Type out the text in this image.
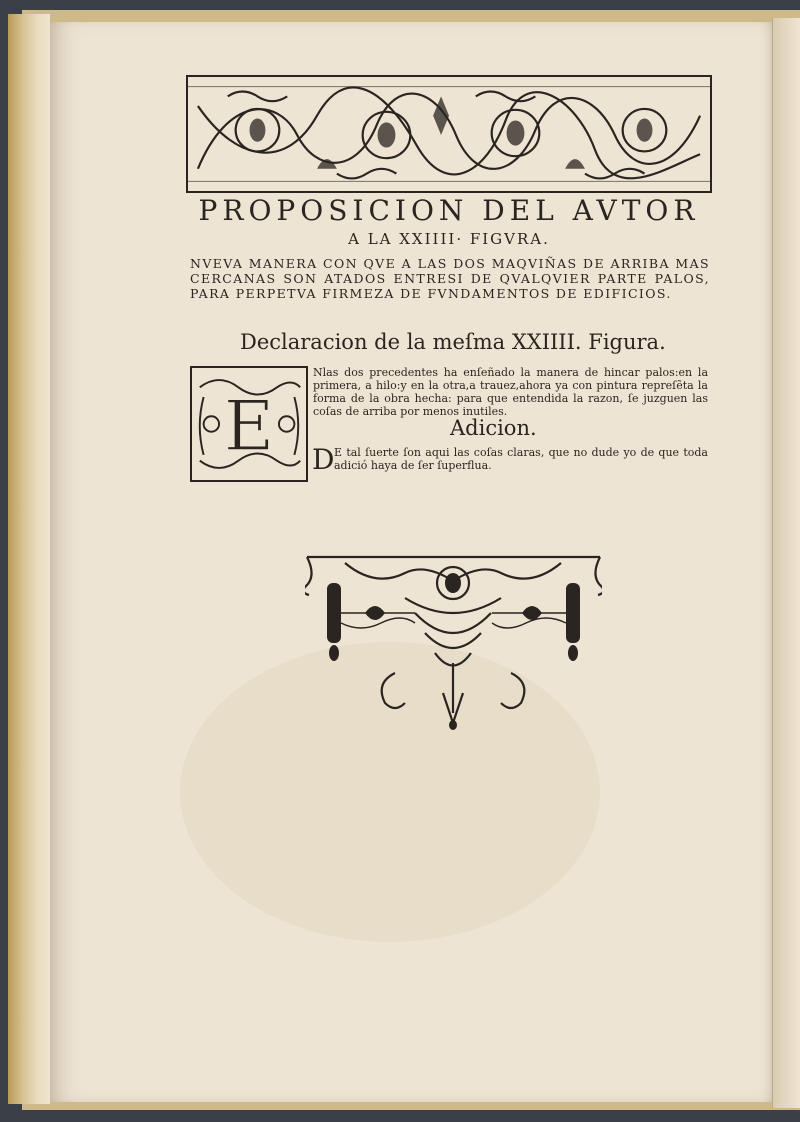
PROPOSICION DEL AVTOR
A LA XXIIII· FIGVRA.
NVEVA MANERA CON QVE A LAS DOS MAQVIÑAS DE ARRIBA MAS CERCANAS SON ATADOS ENTRESI DE QVALQVIER PARTE PALOS, PARA PERPETVA FIRMEZA DE FVNDAMENTOS DE EDIFICIOS.
Declaracion de la meſma XXIIII. Figura.
E
Nlas dos precedentes ha enſeñado la manera de hincar palos:en la primera, a hilo:y en la otra,a trauez,ahora ya con pintura repreſẽta la forma de la obra hecha: para que entendida la razon, ſe juzguen las coſas de arriba por menos inutiles.
Adicion.
D E tal ſuerte ſon aqui las coſas claras, que no dude yo de que toda adició haya de ſer ſuperflua.
